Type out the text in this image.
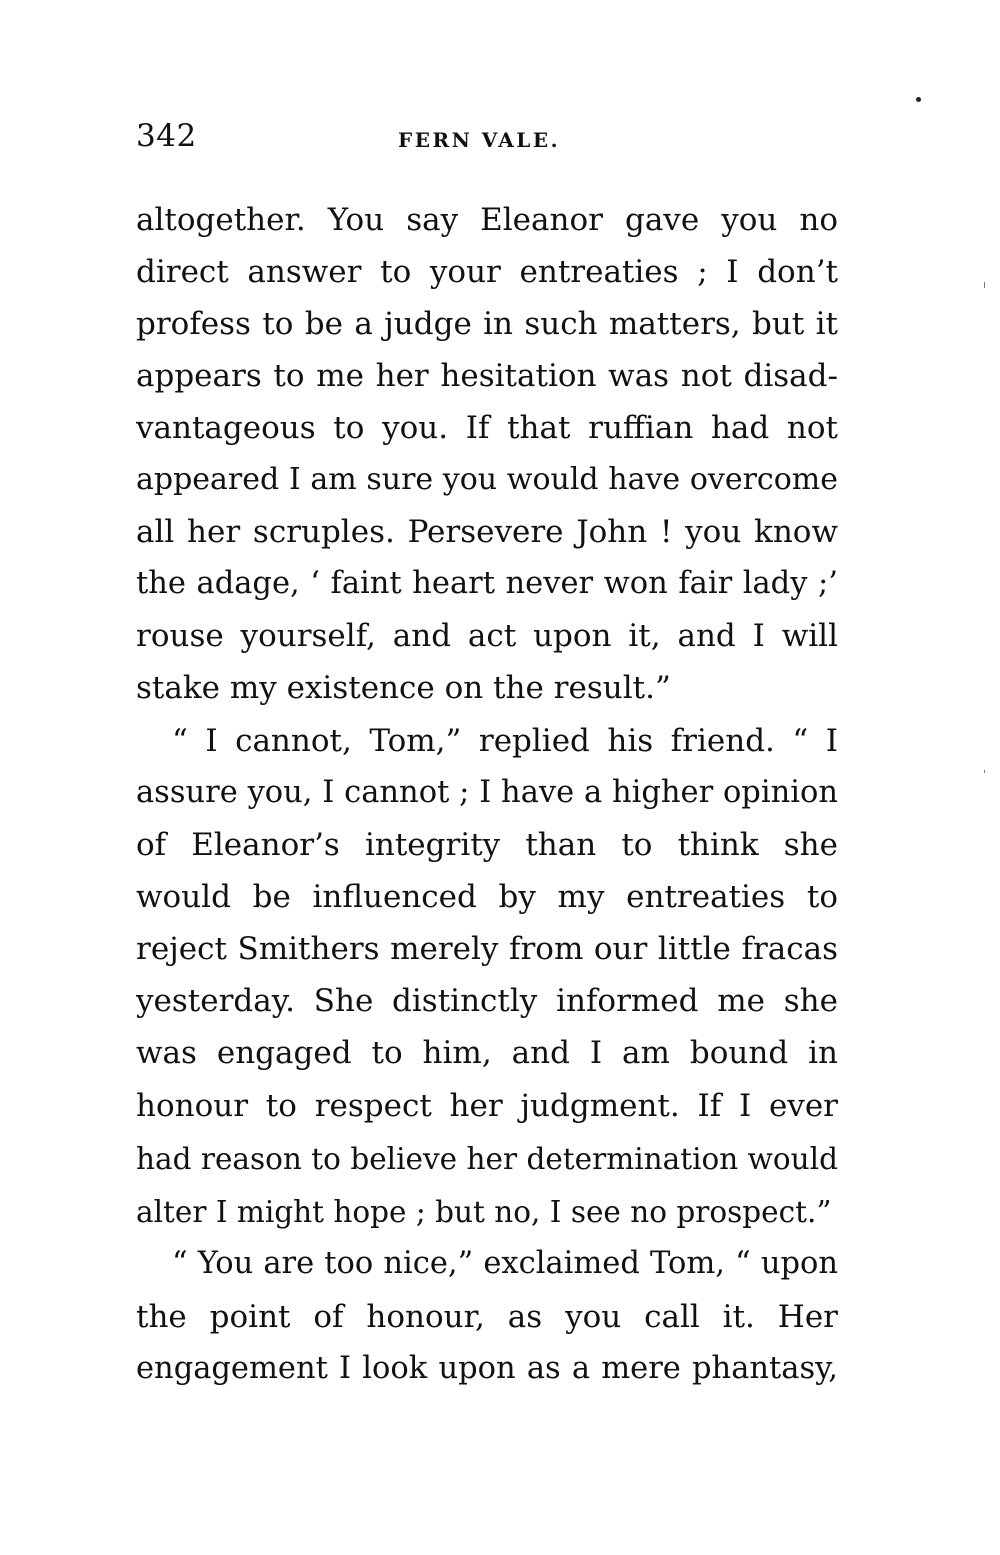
342	FERN VALE.
altogether. You say Eleanor gave you no
direct answer to your entreaties ; I don’t
profess to be a judge in such matters, but it
appears to me her hesitation was not disad-
vantageous to you. If that ruffian had not
appeared I am sure you would have overcome
all her scruples. Persevere John ! you know
the adage, ‘ faint heart never won fair lady ;’
rouse yourself, and act upon it, and I will
stake my existence on the result.”
“ I cannot, Tom,” replied his friend. “ I
assure you, I cannot ; I have a higher opinion
of Eleanor’s integrity than to think she
would be influenced by my entreaties to
reject Smithers merely from our little fracas
yesterday. She distinctly informed me she
was engaged to him, and I am bound in
honour to respect her judgment. If I ever
had reason to believe her determination would
alter I might hope ; but no, I see no prospect.”
“ You are too nice,” exclaimed Tom, “ upon
the point of honour, as you call it. Her
engagement I look upon as a mere phantasy,
